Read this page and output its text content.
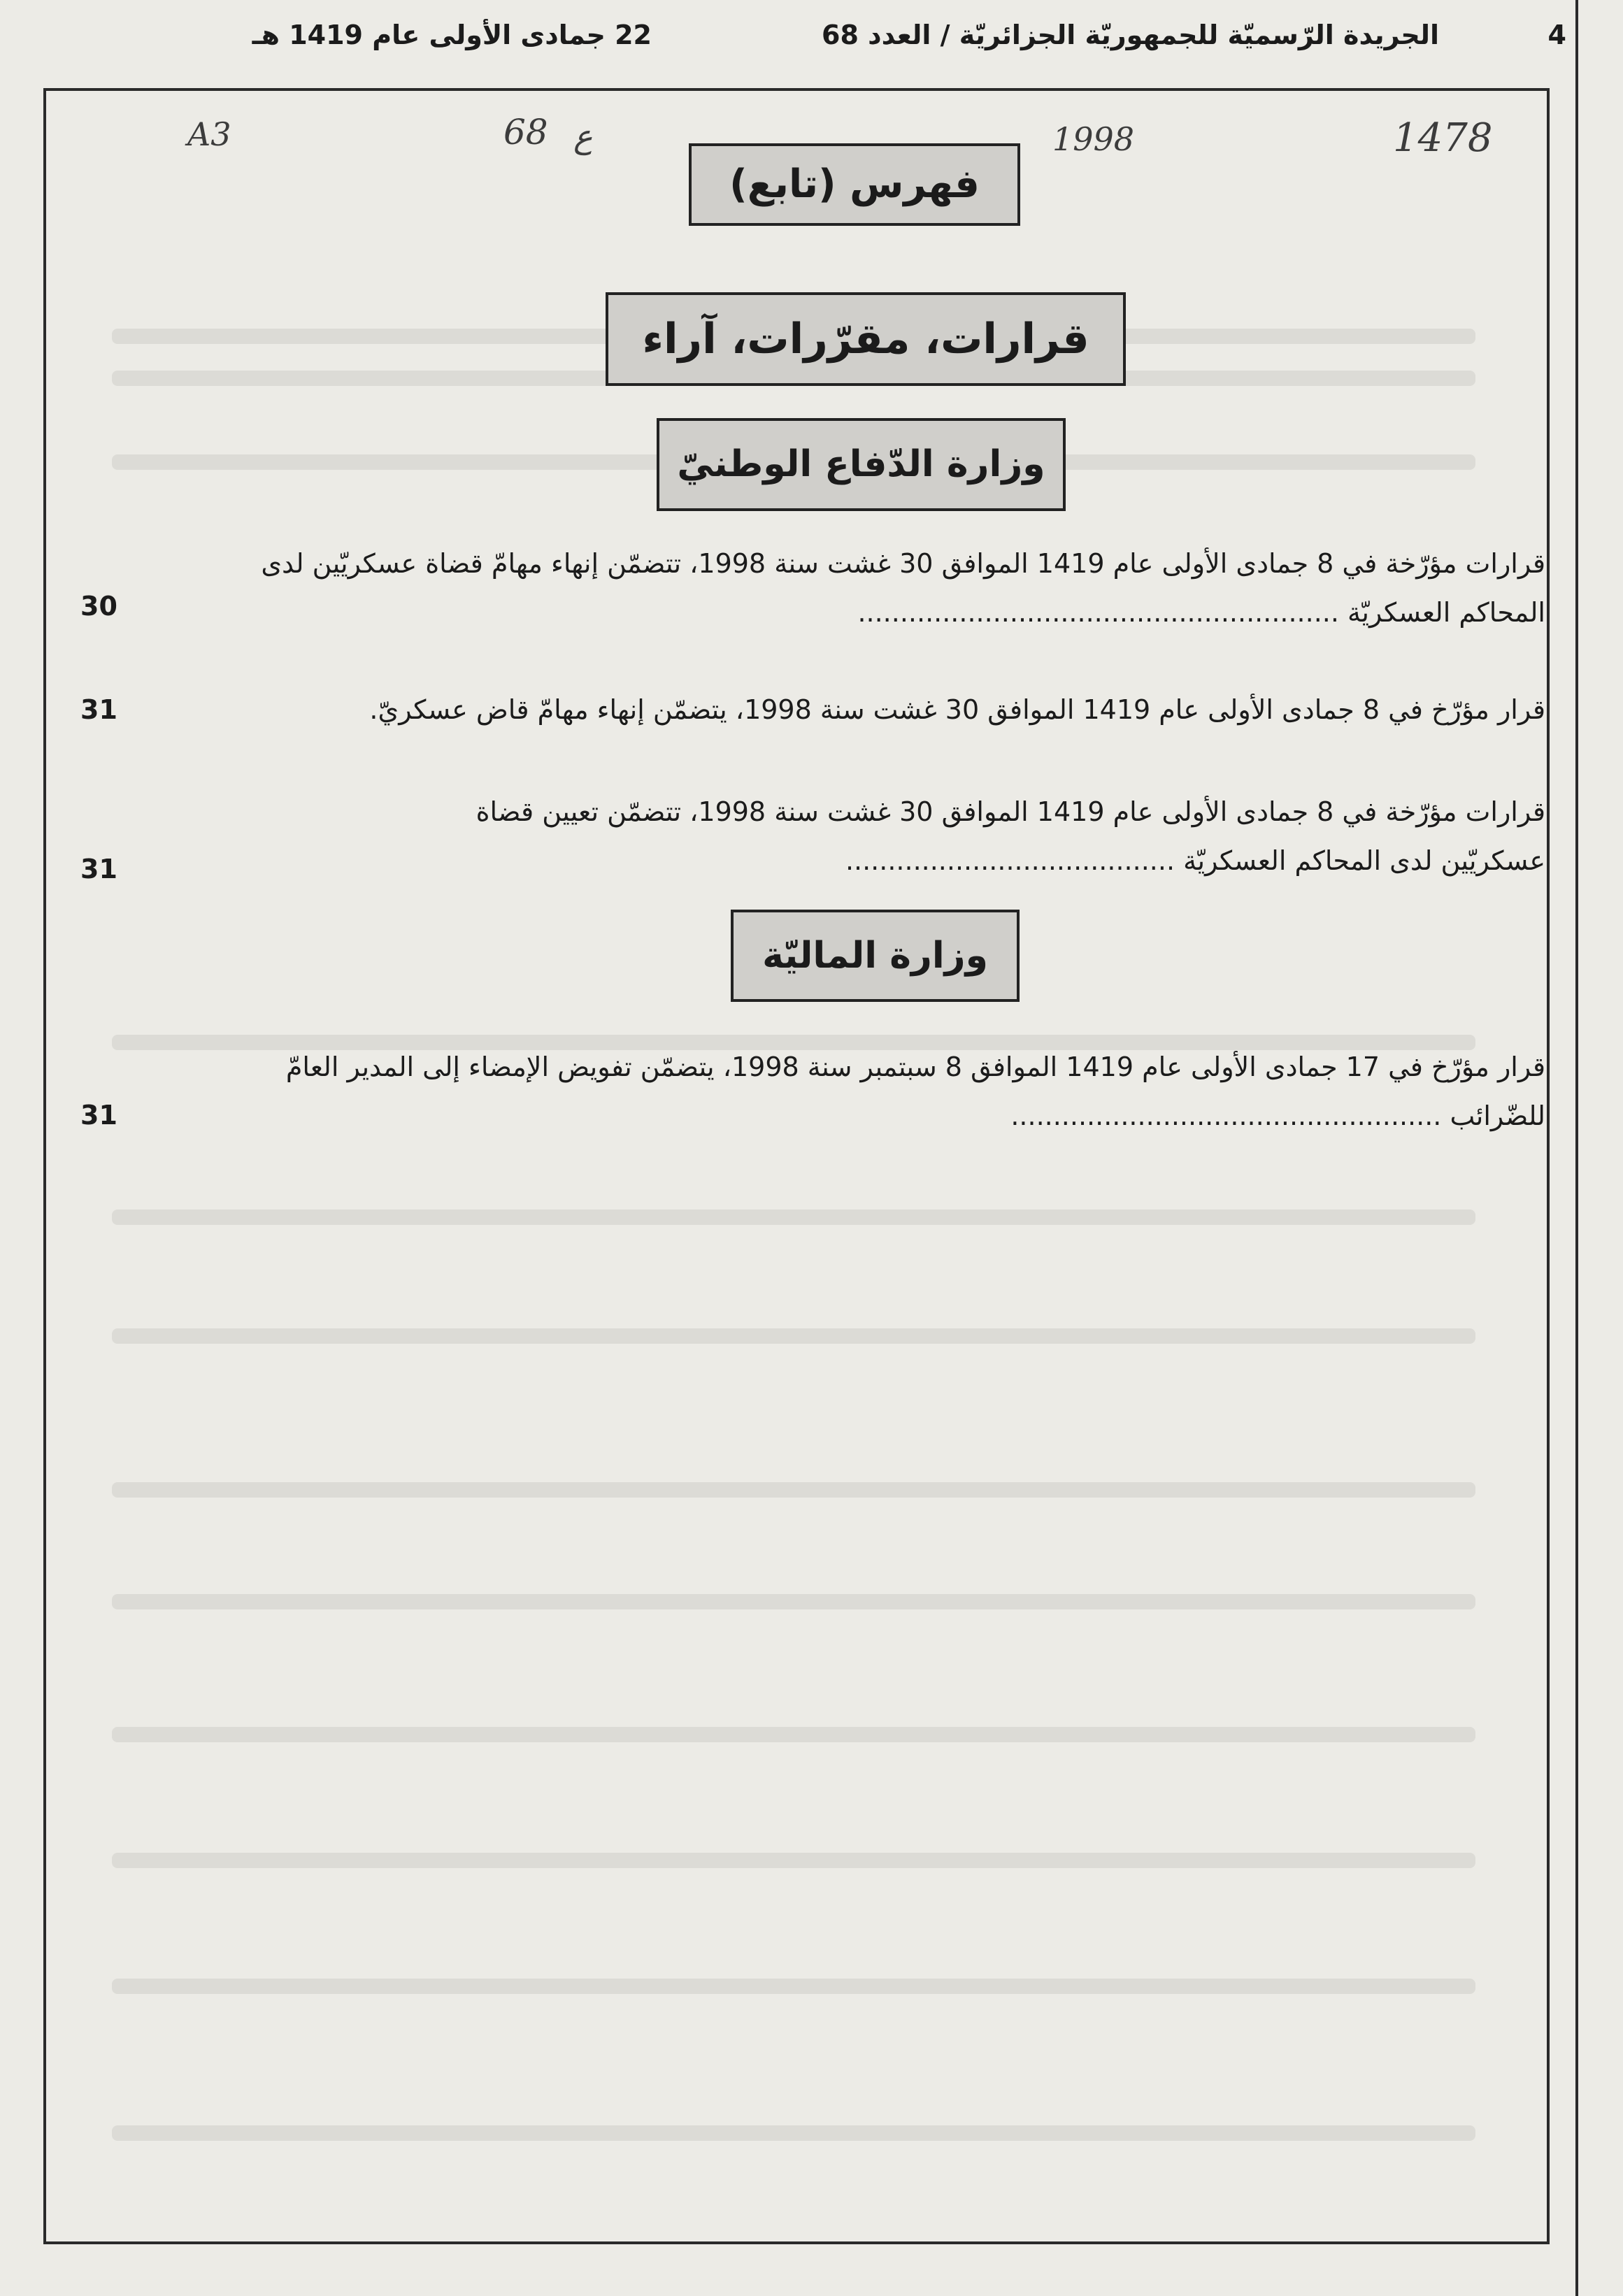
4
الجريدة الرّسميّة للجمهوريّة الجزائريّة / العدد 68
22 جمادى الأولى عام 1419 هـ
A3	68 ع	1998	1478
فهرس (تابع)
قرارات، مقرّرات، آراء
وزارة الدّفاع الوطنيّ
قرارات مؤرّخة في 8 جمادى الأولى عام 1419 الموافق 30 غشت سنة 1998، تتضمّن إنهاء مهامّ قضاة عسكريّين لدى
المحاكم العسكريّة .........................................................
30
قرار مؤرّخ في 8 جمادى الأولى عام 1419 الموافق 30 غشت سنة 1998، يتضمّن إنهاء مهامّ قاض عسكريّ.
31
قرارات مؤرّخة في 8 جمادى الأولى عام 1419 الموافق 30 غشت سنة 1998، تتضمّن تعيين قضاة
عسكريّين لدى المحاكم العسكريّة .......................................
31
وزارة الماليّة
قرار مؤرّخ في 17 جمادى الأولى عام 1419 الموافق 8 سبتمبر سنة 1998، يتضمّن تفويض الإمضاء إلى المدير العامّ
للضّرائب ...................................................
31
